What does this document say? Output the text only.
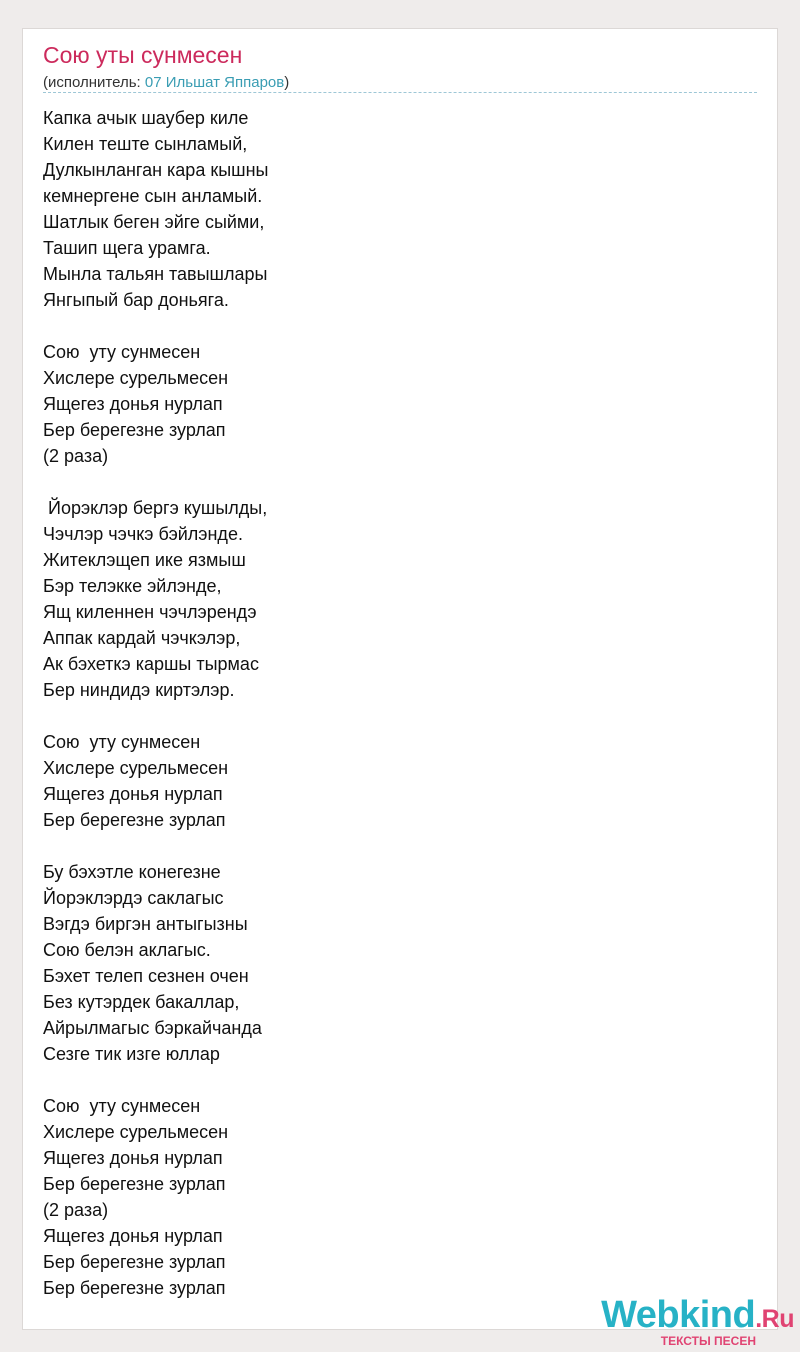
Сою уты сунмесен
(исполнитель: 07 Ильшат Яппаров)
Капка ачык шаубер киле
Килен теште сынламый,
Дулкынланган кара кышны
кемнергене сын анламый.
Шатлык беген эйге сыйми,
Ташип щега урамга.
Мынла тальян тавышлары
Янгыпый бар доньяга.
Сою  уту сунмесен
Хислере сурельмесен
Ящегез донья нурлап
Бер берегезне зурлап
(2 раза)
Йорэклэр бергэ кушылды,
Чэчлэр чэчкэ бэйлэнде.
Житеклэщеп ике язмыш
Бэр телэкке эйлэнде,
Ящ киленнен чэчлэрендэ
Аппак кардай чэчкэлэр,
Ак бэхеткэ каршы тырмас
Бер ниндидэ киртэлэр.
Сою  уту сунмесен
Хислере сурельмесен
Ящегез донья нурлап
Бер берегезне зурлап
Бу бэхэтле конегезне
Йорэклэрдэ саклагыс
Вэгдэ биргэн антыгызны
Сою белэн аклагыс.
Бэхет телеп сезнен очен
Без кутэрдек бакаллар,
Айрылмагыс бэркайчанда
Сезге тик изге юллар
Сою  уту сунмесен
Хислере сурельмесен
Ящегез донья нурлап
Бер берегезне зурлап
(2 раза)
Ящегез донья нурлап
Бер берегезне зурлап
Бер берегезне зурлап
Webkind.Ru
ТЕКСТЫ ПЕСЕН
